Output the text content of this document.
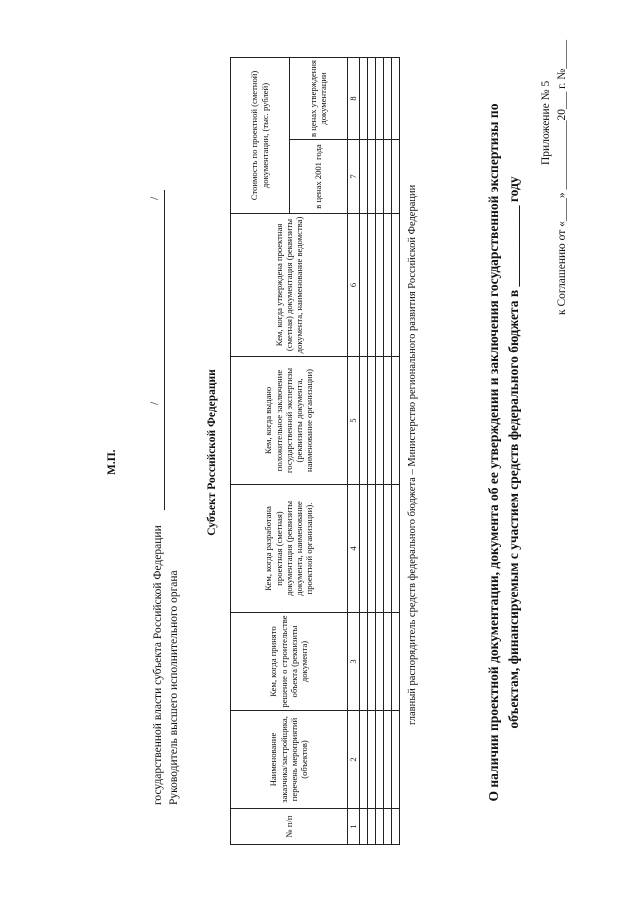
Приложение № 5 к Соглашению от «____» ____________20___ г. №_____
О наличии проектной документации, документа об ее утверждении и заключения государственной экспертизы по объектам, финансируемым с участием средств федерального бюджета в ____________ году
главный распорядитель средств федерального бюджета – Министерство регионального развития Российской Федерации
№ п/п	Наименование заказчика/застройщика, перечень мероприятий (объектов)	Кем, когда принято решение о строительстве объекта (реквизиты документа)	Кем, когда разработана проектная (сметная) документация (реквизиты документа, наименование проектной организации).	Кем, когда выдано положительное заключение государственной экспертизы (реквизиты документа, наименование организации)	Кем, когда утверждена проектная (сметная) документация (реквизиты документа, наименование ведомства)	Стоимость по проектной (сметной) документации, (тыс. рублей)	
						в ценах 2001 года	в ценах утверждения документации
1	2	3	4	5	6	7	8

Субъект Российской Федерации
Руководитель высшего исполнительного органа
государственной власти субъекта Российской Федерации
/
/
М.П.
